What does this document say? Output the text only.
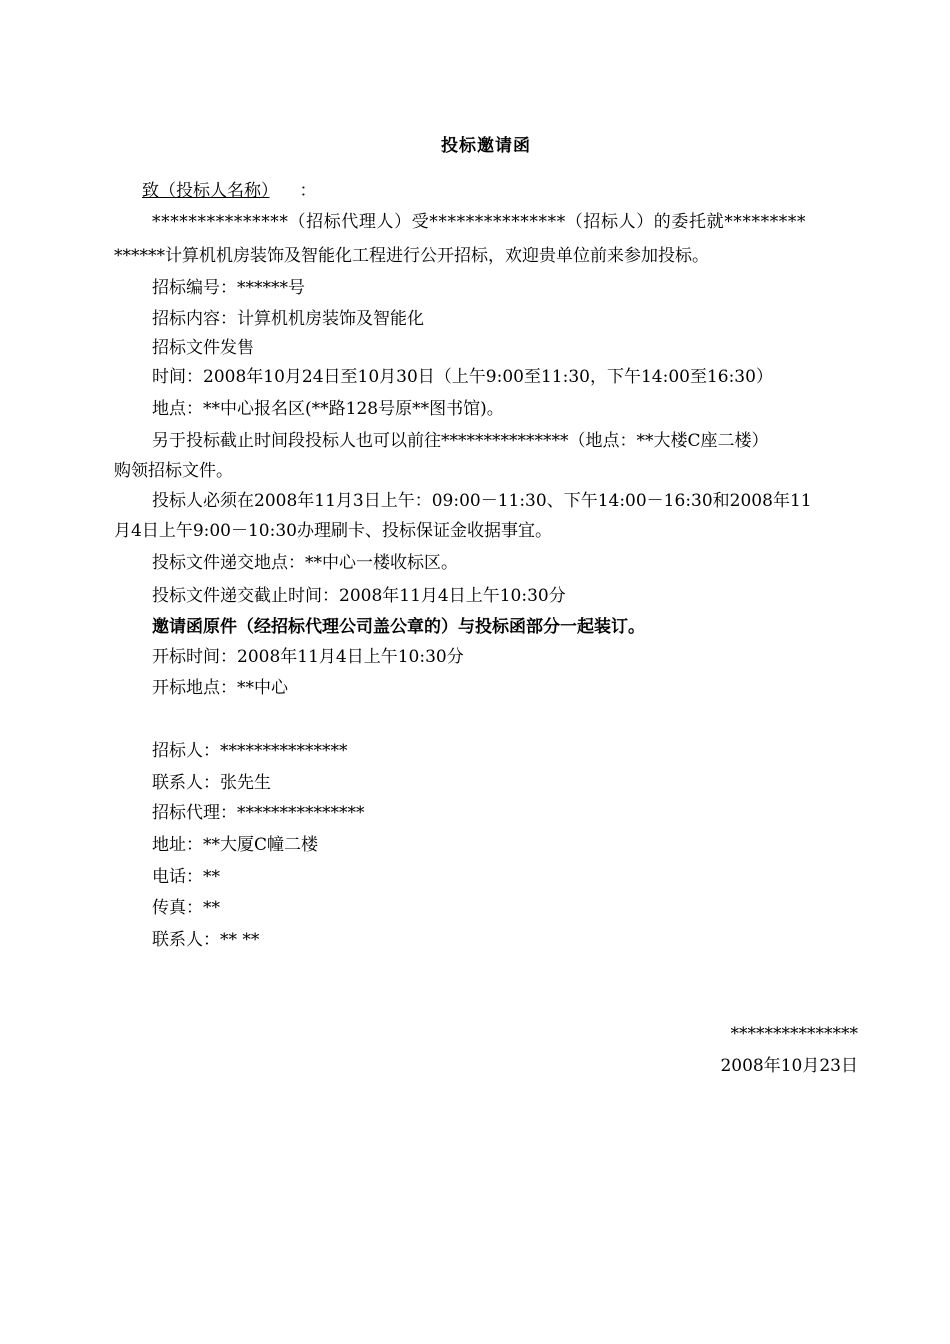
投标邀请函
致（投标人名称） ：
***************（招标代理人）受***************（招标人）的委托就*********
******计算机机房装饰及智能化工程进行公开招标，欢迎贵单位前来参加投标。
招标编号：******号
招标内容：计算机机房装饰及智能化
招标文件发售
时间：2008年10月24日至10月30日（上午9:00至11:30，下午14:00至16:30）
地点：**中心报名区(**路128号原**图书馆)。
另于投标截止时间段投标人也可以前往***************（地点：**大楼C座二楼）
购领招标文件。
投标人必须在2008年11月3日上午：09:00－11:30、下午14:00－16:30和2008年11
月4日上午9:00－10:30办理刷卡、投标保证金收据事宜。
投标文件递交地点：**中心一楼收标区。
投标文件递交截止时间：2008年11月4日上午10:30分
邀请函原件（经招标代理公司盖公章的）与投标函部分一起装订。
开标时间：2008年11月4日上午10:30分
开标地点：**中心
招标人：***************
联系人：张先生
招标代理：***************
地址：**大厦C幢二楼
电话：**
传真：**
联系人：** **
***************
2008年10月23日
